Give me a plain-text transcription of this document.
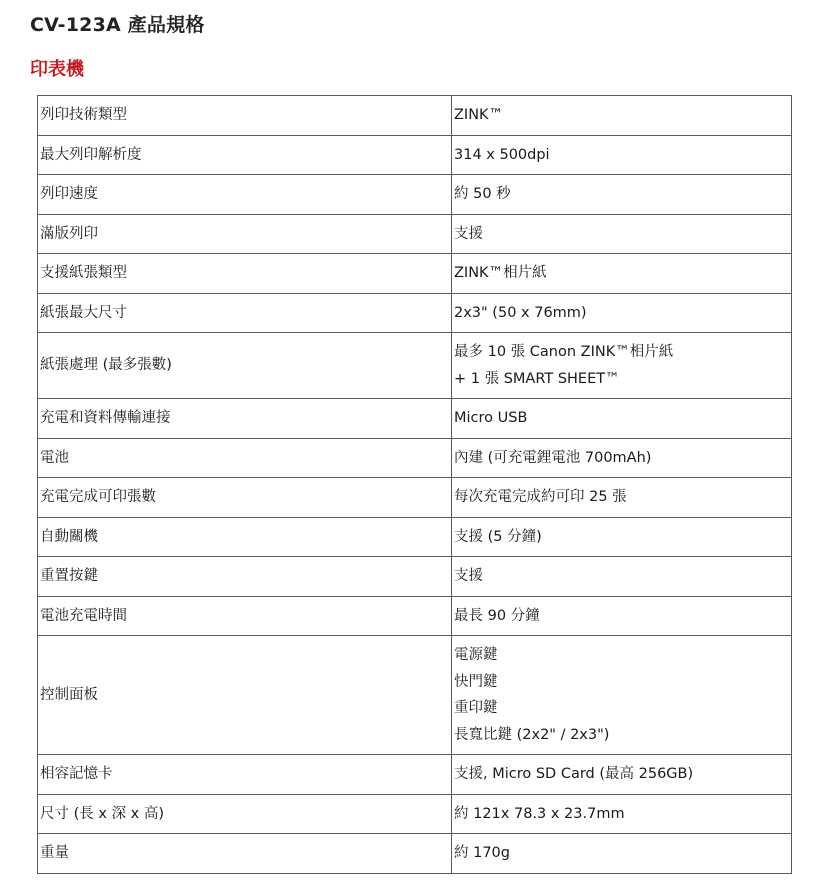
CV-123A 產品規格
印表機
列印技術類型	ZINK™

最大列印解析度	314 x 500dpi

列印速度	約 50 秒

滿版列印	支援

支援紙張類型	ZINK™相片紙

紙張最大尺寸	2x3" (50 x 76mm)

紙張處理 (最多張數)	最多 10 張 Canon ZINK™相片紙
+ 1 張 SMART SHEET™

充電和資料傳輸連接	Micro USB

電池	內建 (可充電鋰電池 700mAh)

充電完成可印張數	每次充電完成約可印 25 張

自動關機	支援 (5 分鐘)

重置按鍵	支援

電池充電時間	最長 90 分鐘

控制面板	電源鍵
快門鍵
重印鍵
長寬比鍵 (2x2" / 2x3")

相容記憶卡	支援, Micro SD Card (最高 256GB)

尺寸 (長 x 深 x 高)	約 121x 78.3 x 23.7mm

重量	約 170g
